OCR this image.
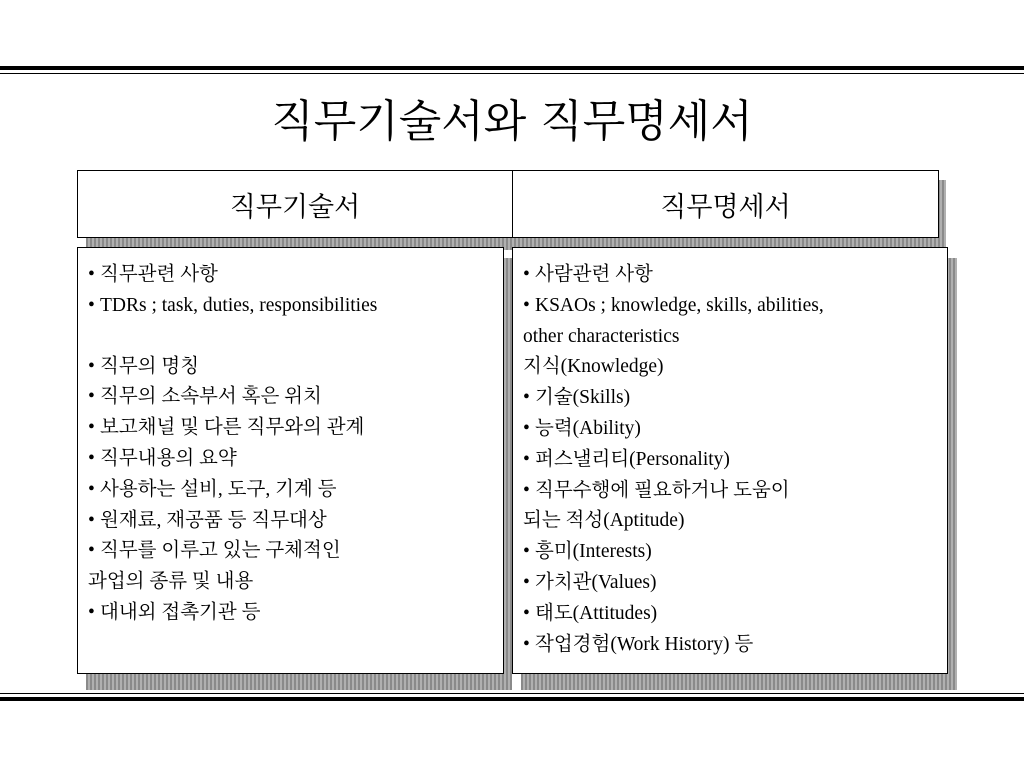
직무기술서와 직무명세서
직무기술서	직무명세서
• 직무관련 사항
• TDRs ; task, duties, responsibilities
• 직무의 명칭
• 직무의 소속부서 혹은 위치
• 보고채널 및 다른 직무와의 관계
• 직무내용의 요약
• 사용하는 설비, 도구, 기계 등
• 원재료, 재공품 등 직무대상
• 직무를 이루고 있는 구체적인
과업의 종류 및 내용
• 대내외 접촉기관 등
• 사람관련 사항
• KSAOs ; knowledge, skills, abilities,
other characteristics
지식(Knowledge)
• 기술(Skills)
• 능력(Ability)
• 퍼스낼리티(Personality)
• 직무수행에 필요하거나 도움이
되는 적성(Aptitude)
• 흥미(Interests)
• 가치관(Values)
• 태도(Attitudes)
• 작업경험(Work History) 등
